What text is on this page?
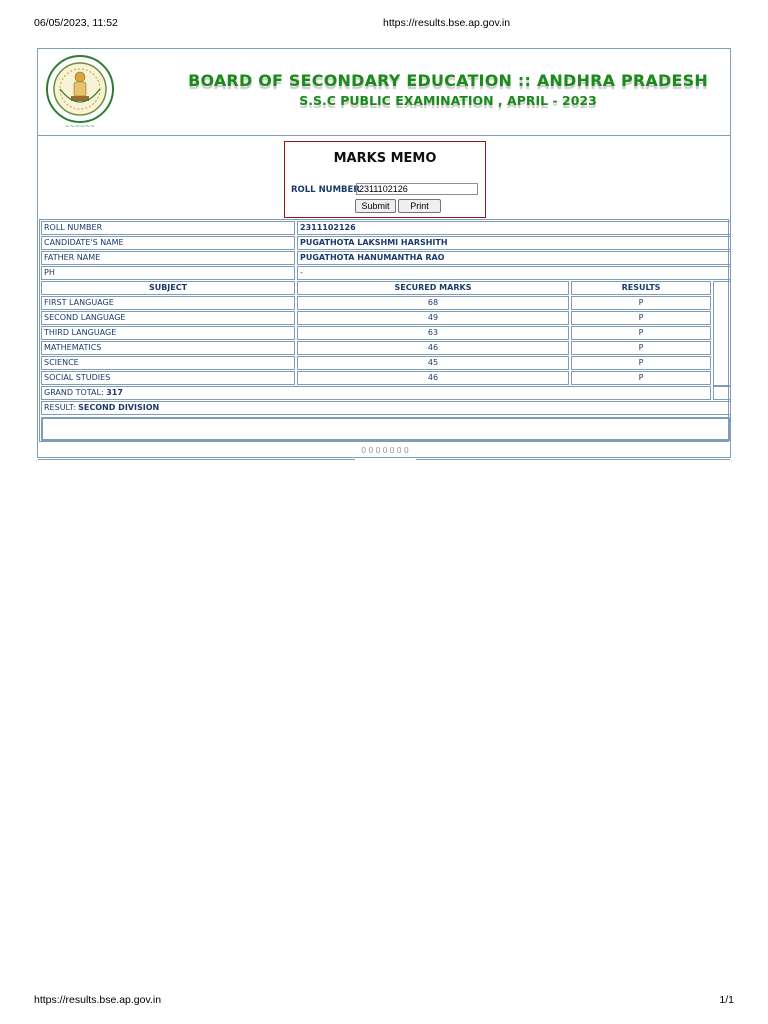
06/05/2023, 11:52	https://results.bse.ap.gov.in
~~~~~~
BOARD OF SECONDARY EDUCATION :: ANDHRA PRADESH
S.S.C PUBLIC EXAMINATION , APRIL - 2023
MARKS MEMO
ROLL NUMBER 2311102126
Submit	Print
ROLL NUMBER	2311102126
CANDIDATE'S NAME	PUGATHOTA LAKSHMI HARSHITH
FATHER NAME	PUGATHOTA HANUMANTHA RAO
PH	-
SUBJECT	SECURED MARKS	RESULTS
FIRST LANGUAGE	68	P
SECOND LANGUAGE	49	P
THIRD LANGUAGE	63	P
MATHEMATICS	46	P
SCIENCE	45	P
SOCIAL STUDIES	46	P
GRAND TOTAL: 317
RESULT: SECOND DIVISION
0000000
https://results.bse.ap.gov.in	1/1
